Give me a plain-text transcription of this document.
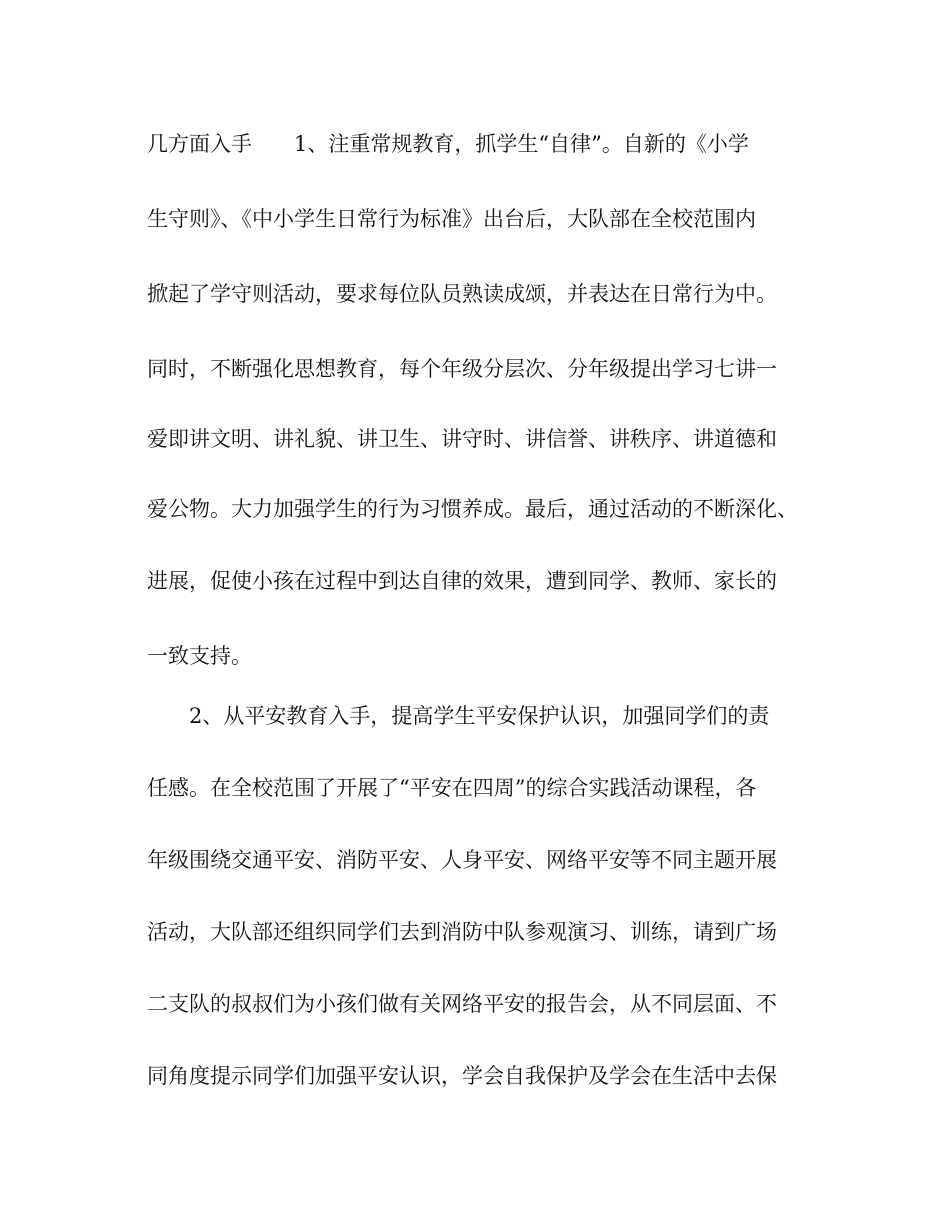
几方面入手　　1、注重常规教育，抓学生“自律”。自新的《小学
生守则》、《中小学生日常行为标准》出台后，大队部在全校范围内
掀起了学守则活动，要求每位队员熟读成颂，并表达在日常行为中。
同时，不断强化思想教育，每个年级分层次、分年级提出学习七讲一
爱即讲文明、讲礼貌、讲卫生、讲守时、讲信誉、讲秩序、讲道德和
爱公物。大力加强学生的行为习惯养成。最后，通过活动的不断深化、
进展，促使小孩在过程中到达自律的效果，遭到同学、教师、家长的
一致支持。
2、从平安教育入手，提高学生平安保护认识，加强同学们的责
任感。在全校范围了开展了“平安在四周”的综合实践活动课程，各
年级围绕交通平安、消防平安、人身平安、网络平安等不同主题开展
活动，大队部还组织同学们去到消防中队参观演习、训练，请到广场
二支队的叔叔们为小孩们做有关网络平安的报告会，从不同层面、不
同角度提示同学们加强平安认识，学会自我保护及学会在生活中去保
